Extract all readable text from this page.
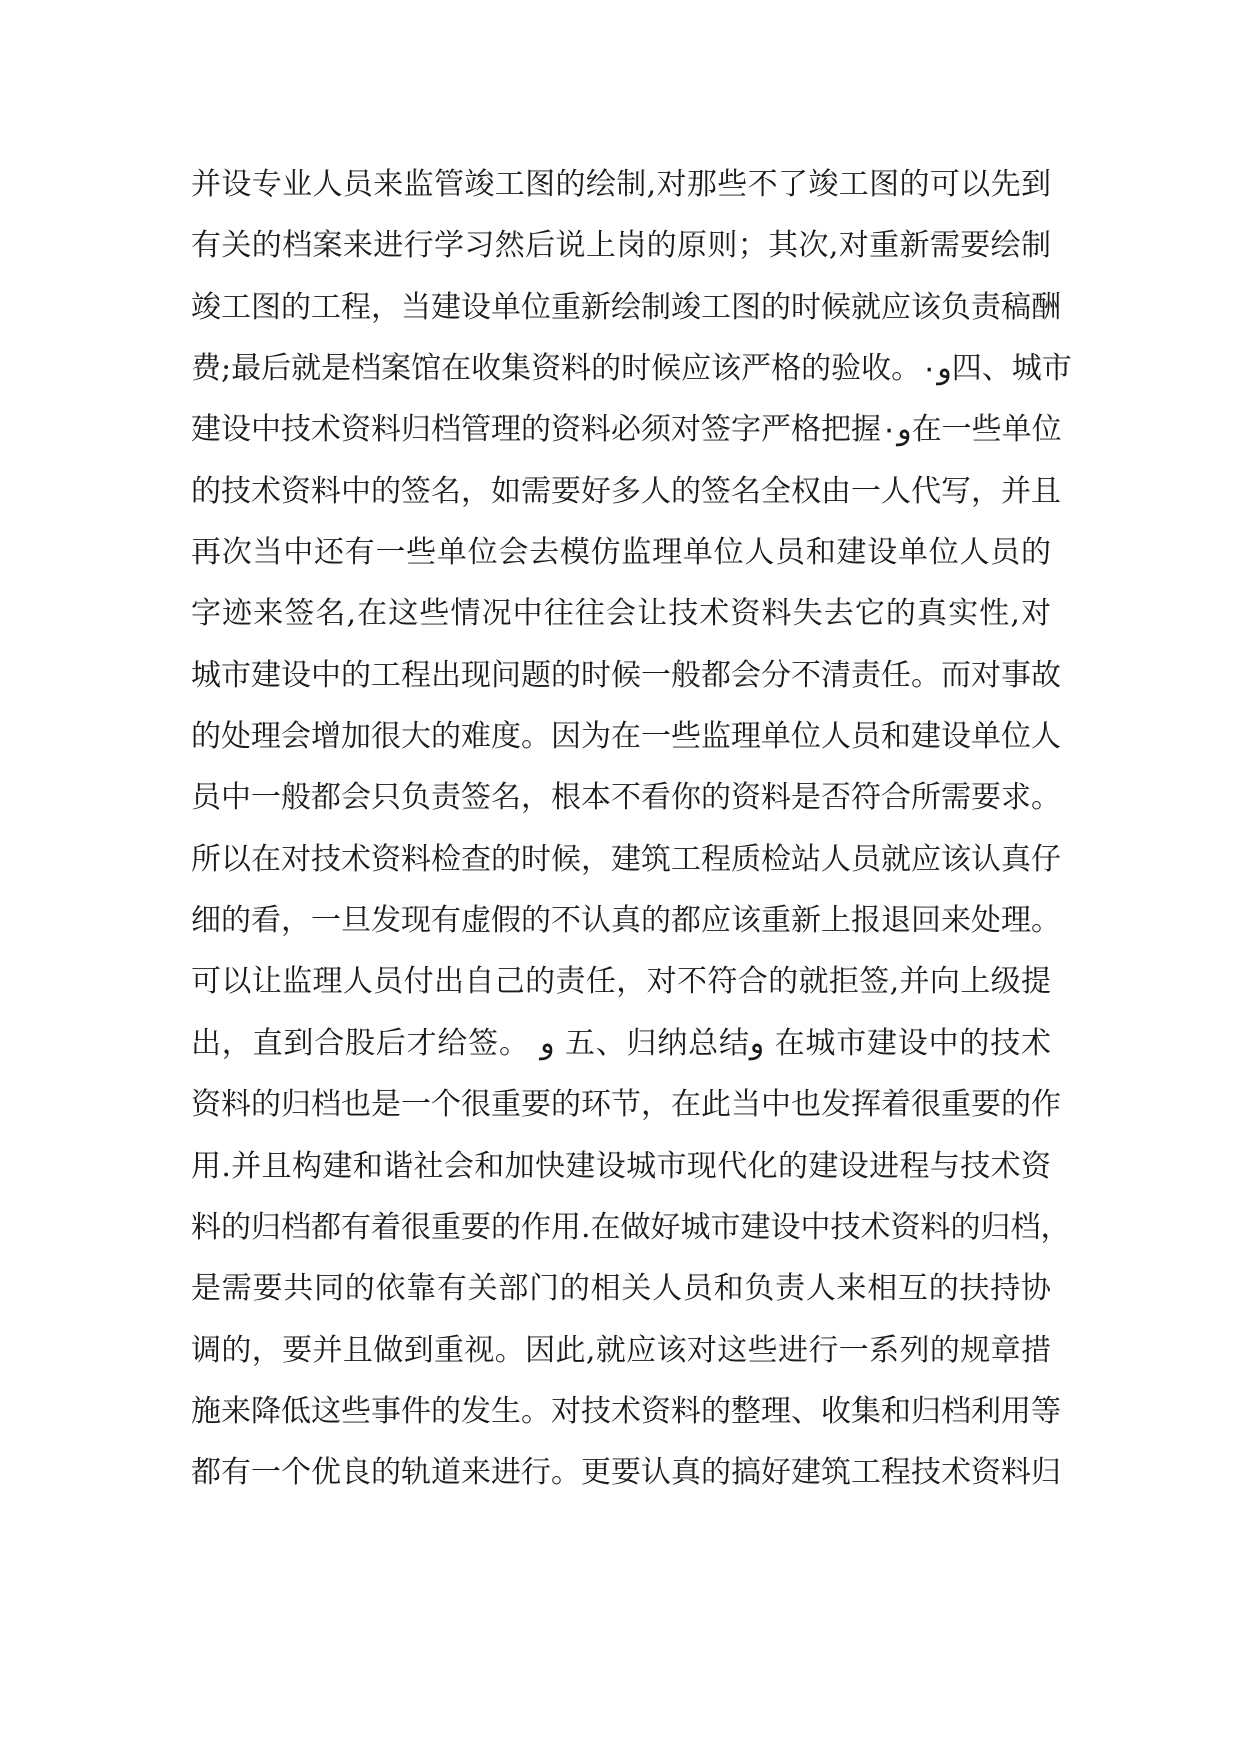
并设专业人员来监管竣工图的绘制,对那些不了竣工图的可以先到
有关的档案来进行学习然后说上岗的原则；其次,对重新需要绘制
竣工图的工程，当建设单位重新绘制竣工图的时候就应该负责稿酬
费;最后就是档案馆在收集资料的时候应该严格的验收。و٠四、城市
建设中技术资料归档管理的资料必须对签字严格把握و٠在一些单位
的技术资料中的签名，如需要好多人的签名全权由一人代写，并且
再次当中还有一些单位会去模仿监理单位人员和建设单位人员的
字迹来签名,在这些情况中往往会让技术资料失去它的真实性,对
城市建设中的工程出现问题的时候一般都会分不清责任。而对事故
的处理会增加很大的难度。因为在一些监理单位人员和建设单位人
员中一般都会只负责签名，根本不看你的资料是否符合所需要求。
所以在对技术资料检查的时候，建筑工程质检站人员就应该认真仔
细的看，一旦发现有虚假的不认真的都应该重新上报退回来处理。
可以让监理人员付出自己的责任，对不符合的就拒签,并向上级提
出，直到合股后才给签。 و 五、归纳总结و 在城市建设中的技术
资料的归档也是一个很重要的环节，在此当中也发挥着很重要的作
用.并且构建和谐社会和加快建设城市现代化的建设进程与技术资
料的归档都有着很重要的作用.在做好城市建设中技术资料的归档，
是需要共同的依靠有关部门的相关人员和负责人来相互的扶持协
调的，要并且做到重视。因此,就应该对这些进行一系列的规章措
施来降低这些事件的发生。对技术资料的整理、收集和归档利用等
都有一个优良的轨道来进行。更要认真的搞好建筑工程技术资料归
